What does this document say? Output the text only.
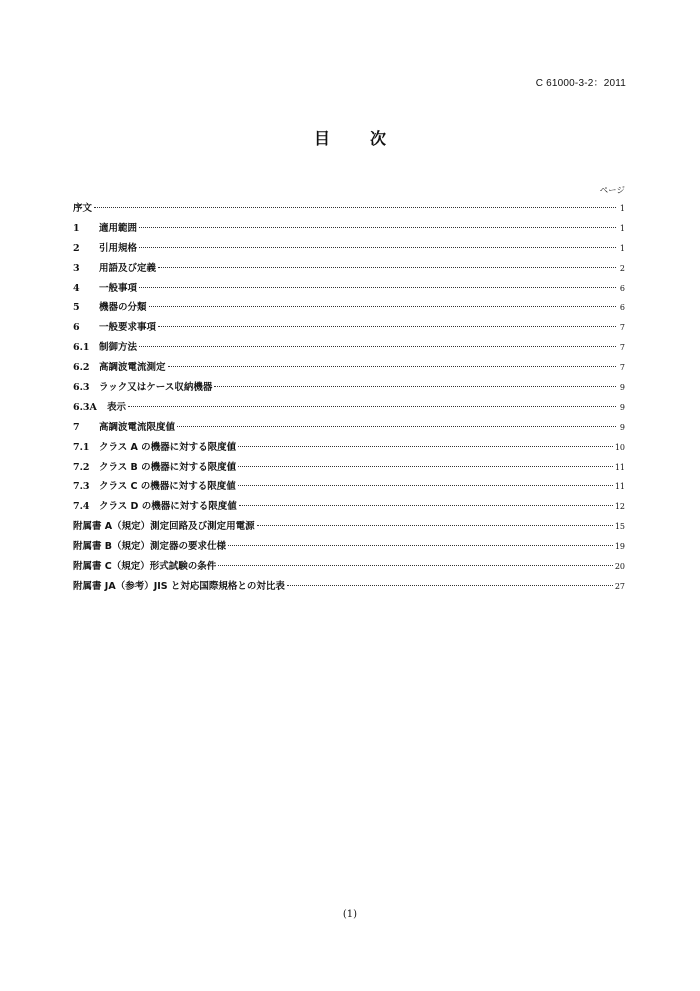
C 61000-3-2：2011
目　次
ページ
序文	1
1	適用範囲	1
2	引用規格	1
3	用語及び定義	2
4	一般事項	6
5	機器の分類	6
6	一般要求事項	7
6.1 制御方法	7
6.2 高調波電流測定	7
6.3 ラック又はケース収納機器	9
6.3A	表示	9
7	高調波電流限度値	9
7.1 クラス A の機器に対する限度値	10
7.2 クラス B の機器に対する限度値	11
7.3 クラス C の機器に対する限度値	11
7.4 クラス D の機器に対する限度値	12
附属書 A（規定）測定回路及び測定用電源	15
附属書 B（規定）測定器の要求仕様	19
附属書 C（規定）形式試験の条件	20
附属書 JA（参考）JIS と対応国際規格との対比表	27
(1)
